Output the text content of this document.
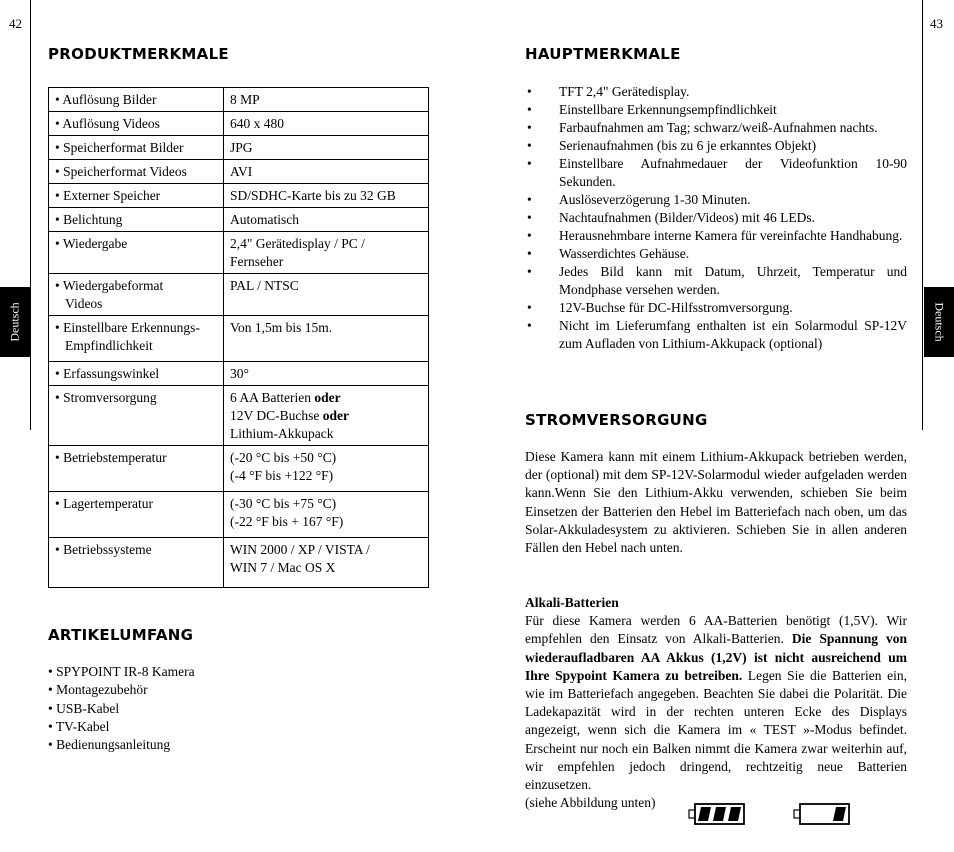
42
Deutsch
PRODUKTMERKMALE
• Auflösung Bilder	8 MP

• Auflösung Videos	640 x 480

• Speicherformat Bilder	JPG

• Speicherformat Videos	AVI

• Externer Speicher	SD/SDHC-Karte bis zu 32 GB

• Belichtung	Automatisch

• Wiedergabe	2,4" Gerätedisplay / PC /
Fernseher

• Wiedergabeformat
Videos	PAL / NTSC

• Einstellbare Erkennungs-
Empfindlichkeit	Von 1,5m bis 15m.

• Erfassungswinkel	30°

• Stromversorgung	6 AA Batterien oder
12V DC-Buchse oder
Lithium-Akkupack

• Betriebstemperatur	(-20 °C bis +50 °C)
(-4 °F bis +122 °F)

• Lagertemperatur	(-30 °C bis +75 °C)
(-22 °F bis + 167 °F)

• Betriebssysteme	WIN 2000 / XP / VISTA /
WIN 7 / Mac OS X
ARTIKELUMFANG
• SPYPOINT IR-8 Kamera
• Montagezubehör
• USB-Kabel
• TV-Kabel
• Bedienungsanleitung
43
Deutsch
HAUPTMERKMALE
• TFT 2,4" Gerätedisplay.
• Einstellbare Erkennungsempfindlichkeit
• Farbaufnahmen am Tag; schwarz/weiß-Aufnahmen nachts.
• Serienaufnahmen (bis zu 6 je erkanntes Objekt)
• Einstellbare Aufnahmedauer der Videofunktion 10-90 Sekunden.
• Auslöseverzögerung 1-30 Minuten.
• Nachtaufnahmen (Bilder/Videos) mit 46 LEDs.
• Herausnehmbare interne Kamera für vereinfachte Handhabung.
• Wasserdichtes Gehäuse.
• Jedes Bild kann mit Datum, Uhrzeit, Temperatur und Mondphase versehen werden.
• 12V-Buchse für DC-Hilfsstromversorgung.
• Nicht im Lieferumfang enthalten ist ein Solarmodul SP-12V zum Aufladen von Lithium-Akkupack (optional)
STROMVERSORGUNG
Diese Kamera kann mit einem Lithium-Akkupack betrieben werden, der (optional) mit dem SP-12V-Solarmodul wieder aufgeladen werden kann.Wenn Sie den Lithium-Akku verwenden, schieben Sie beim Einsetzen der Batterien den Hebel im Batteriefach nach oben, um das Solar-Akkuladesystem zu aktivieren. Schieben Sie in allen anderen Fällen den Hebel nach unten.
Alkali-Batterien
Für diese Kamera werden 6 AA-Batterien benötigt (1,5V). Wir empfehlen den Einsatz von Alkali-Batterien. Die Spannung von wiederaufladbaren AA Akkus (1,2V) ist nicht ausreichend um Ihre Spypoint Kamera zu betreiben. Legen Sie die Batterien ein, wie im Batteriefach angegeben. Beachten Sie dabei die Polarität. Die Ladekapazität wird in der rechten unteren Ecke des Displays angezeigt, wenn sich die Kamera im « TEST »-Modus befindet. Erscheint nur noch ein Balken nimmt die Kamera zwar weiterhin auf, wir empfehlen jedoch dringend, rechtzeitig neue Batterien einzusetzen.
(siehe Abbildung unten)
